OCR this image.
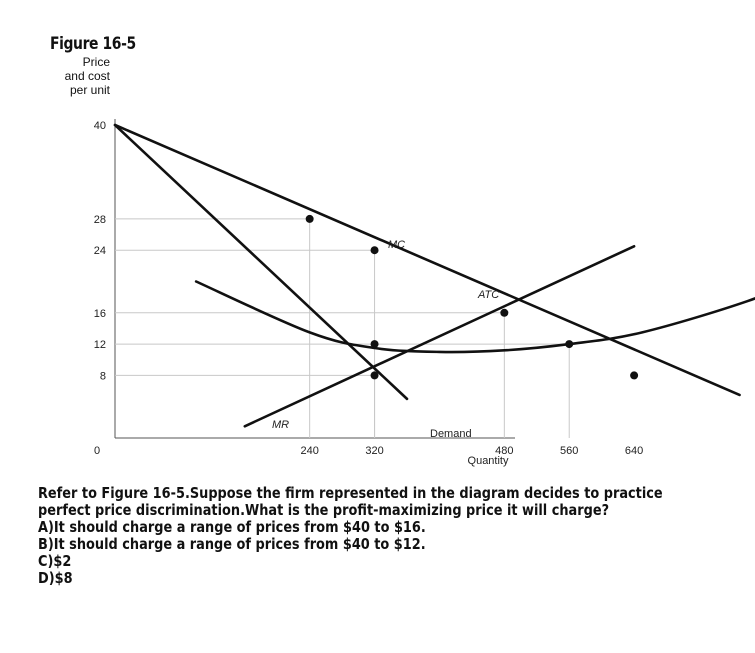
Figure 16-5
Price
and cost
per unit
40
28
24
16
12
8
0	240	320	480	560	640
Quantity
MC
ATC
MR
Demand
Refer to Figure 16-5.Suppose the firm represented in the diagram decides to practice
perfect price discrimination.What is the profit-maximizing price it will charge?
A)It should charge a range of prices from $40 to $16.
B)It should charge a range of prices from $40 to $12.
C)$2
D)$8
